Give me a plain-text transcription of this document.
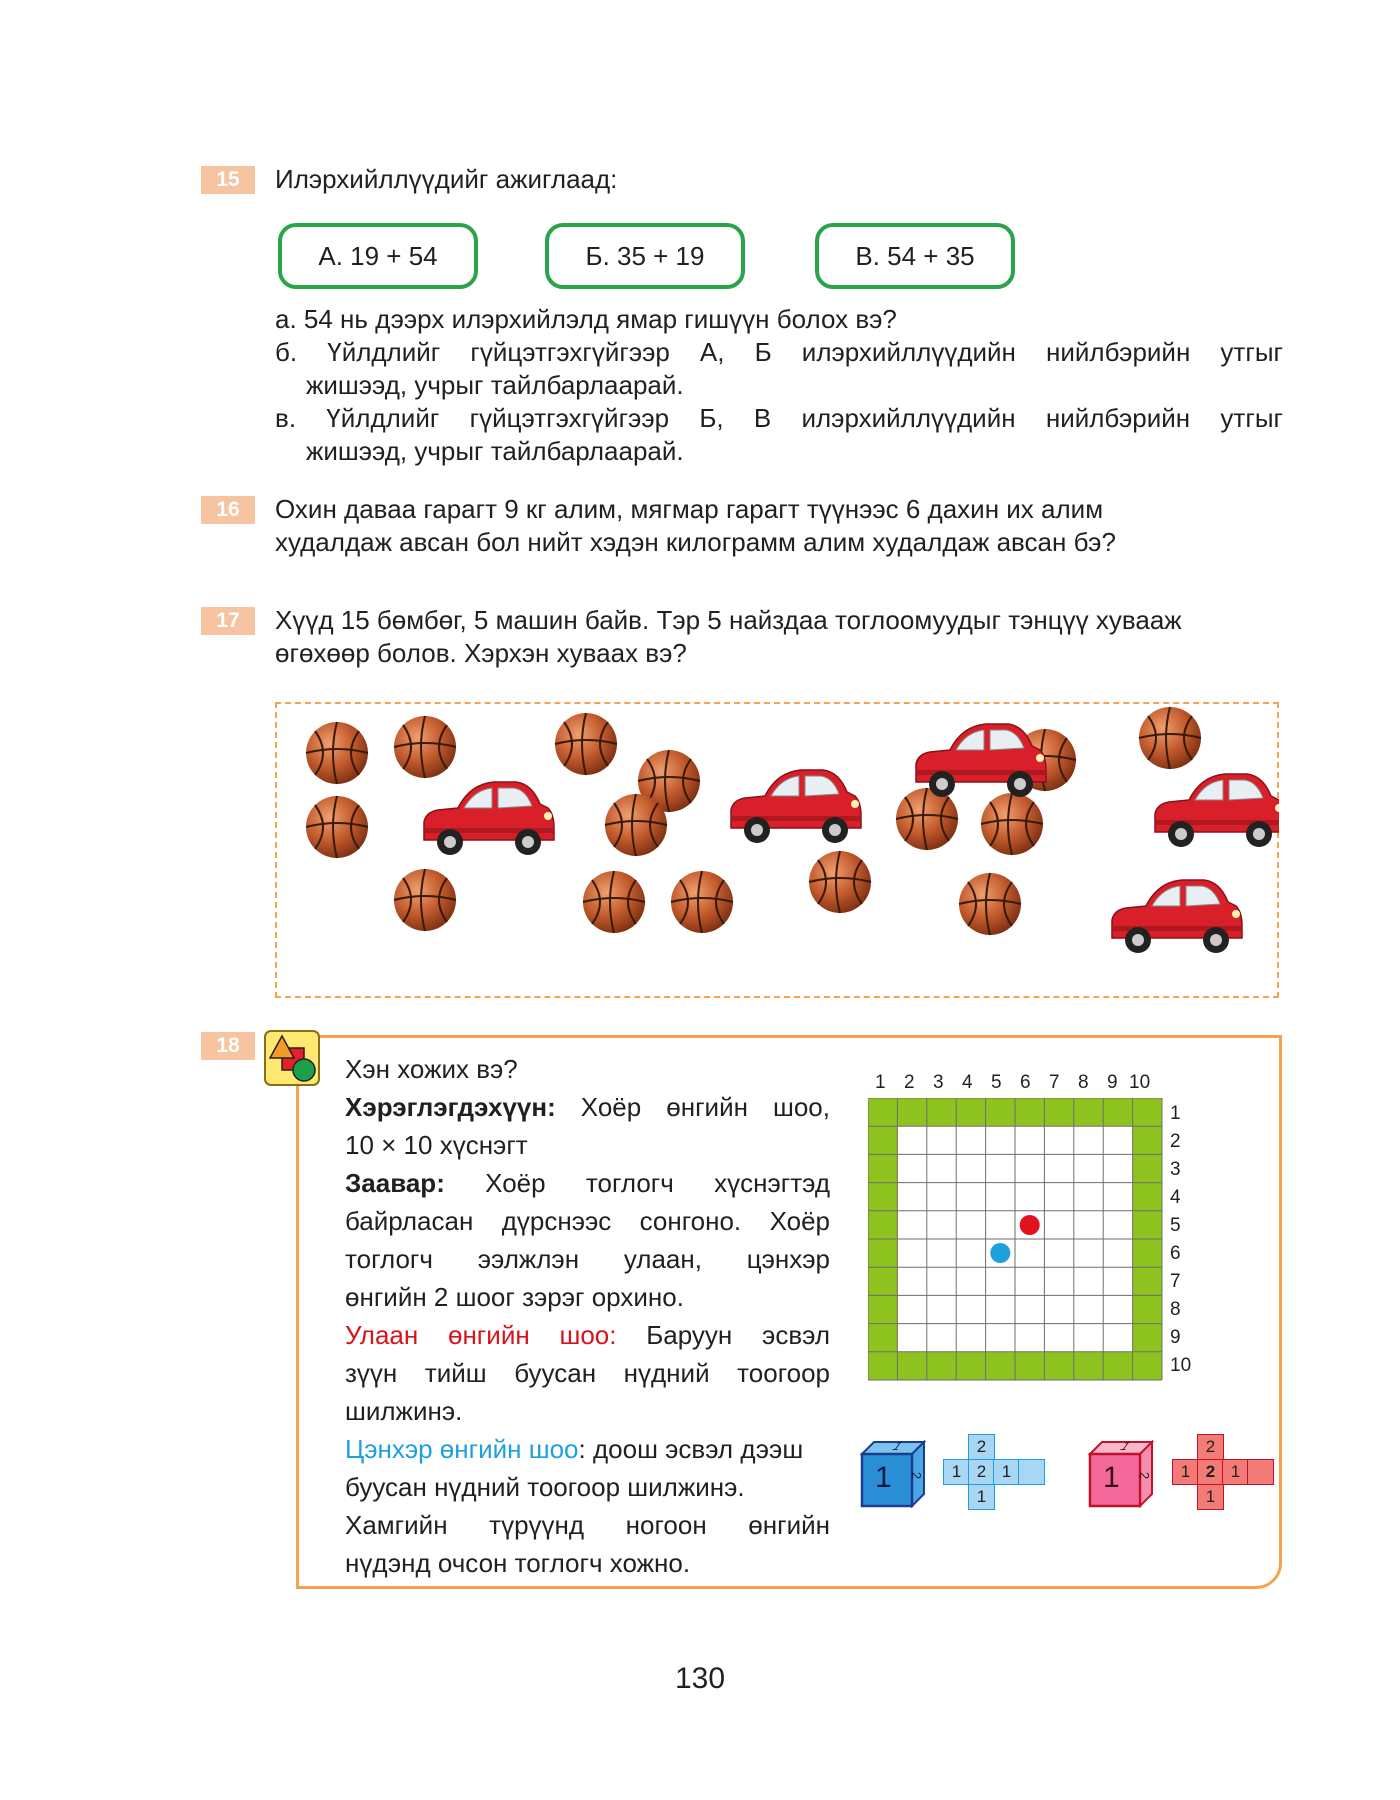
15	Илэрхийллүүдийг ажиглаад:
А. 19 + 54	Б. 35 + 19	В. 54 + 35
а. 54 нь дээрх илэрхийлэлд ямар гишүүн болох вэ?
б. Үйлдлийг гүйцэтгэхгүйгээр А, Б илэрхийллүүдийн нийлбэрийн утгыг
жишээд, учрыг тайлбарлаарай.
в. Үйлдлийг гүйцэтгэхгүйгээр Б, В илэрхийллүүдийн нийлбэрийн утгыг
жишээд, учрыг тайлбарлаарай.
16	Охин даваа гарагт 9 кг алим, мягмар гарагт түүнээс 6 дахин их алим
худалдаж авсан бол нийт хэдэн килограмм алим худалдаж авсан бэ?
17	Хүүд 15 бөмбөг, 5 машин байв. Тэр 5 найздаа тоглоомуудыг тэнцүү хувааж
өгөхөөр болов. Хэрхэн хуваах вэ?
18
Хэн хожих вэ?
Хэрэглэгдэхүүн: Хоёр өнгийн шоо,
10 × 10 хүснэгт
Заавар: Хоёр тоглогч хүснэгтэд
байрласан дүрснээс сонгоно. Хоёр
тоглогч ээлжлэн улаан, цэнхэр
өнгийн 2 шоог зэрэг орхино.
Улаан өнгийн шоо: Баруун эсвэл
зүүн тийш буусан нүдний тоогоор
шилжинэ.
Цэнхэр өнгийн шоо: доош эсвэл дээш
буусан нүдний тоогоор шилжинэ.
Хамгийн түрүүнд ногоон өнгийн
нүдэнд очсон тоглогч хожно.
1 2 3 4 5 6 7 8 9 10
1
2
3
4
5
6
7
8
9
10
1
1
2
2
1 2 1
1
1
1
2
2
1 2 1
1
130
